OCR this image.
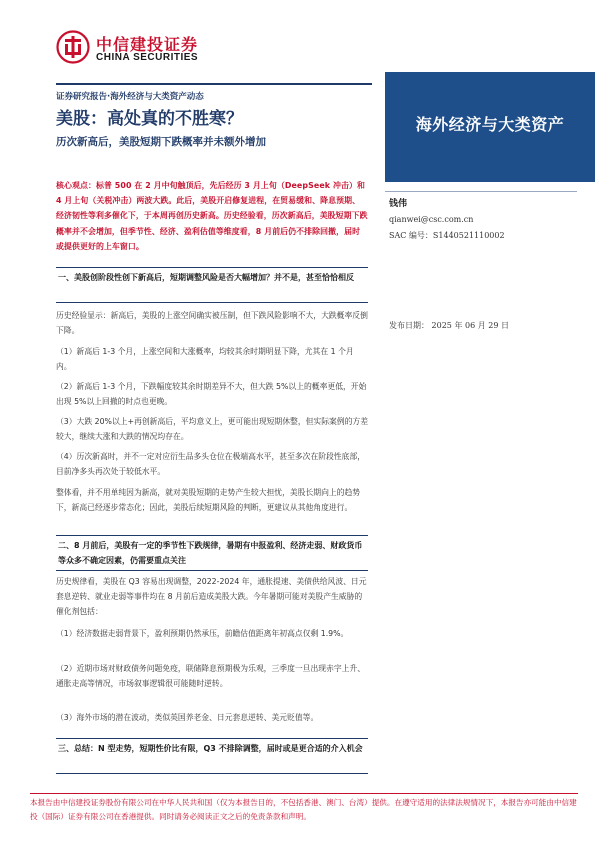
中信建投证券
CHINA SECURITIES
证券研究报告·海外经济与大类资产动态
美股：高处真的不胜寒？
历次新高后，美股短期下跌概率并未额外增加
海外经济与大类资产
钱伟
qianwei@csc.com.cn
SAC 编号：S1440521110002
发布日期： 2025 年 06 月 29 日
核心观点：标普 500 在 2 月中旬触顶后，先后经历 3 月上旬（DeepSeek 冲击）和 4 月上旬（关税冲击）两波大跌。此后，美股开启修复进程，在贸易缓和、降息预期、经济韧性等利多催化下，于本周再创历史新高。历史经验看，历次新高后，美股短期下跌概率并不会增加，但季节性、经济、盈利估值等维度看，8 月前后仍不排除回撤，届时或提供更好的上车窗口。
一、美股创阶段性创下新高后，短期调整风险是否大幅增加？并不是，甚至恰恰相反
历史经验显示：新高后，美股的上涨空间确实被压制，但下跌风险影响不大，大跌概率反倒下降。
（1）新高后 1-3 个月，上涨空间和大涨概率，均较其余时期明显下降，尤其在 1 个月内。
（2）新高后 1-3 个月，下跌幅度较其余时期差异不大，但大跌 5%以上的概率更低，开始出现 5%以上回撤的时点也更晚。
（3）大跌 20%以上+再创新高后，平均意义上，更可能出现短期休整，但实际案例的方差较大，继续大涨和大跌的情况均存在。
（4）历次新高时，并不一定对应衍生品多头仓位在极端高水平，甚至多次在阶段性底部，目前净多头再次处于较低水平。
整体看，并不用单纯因为新高，就对美股短期的走势产生较大担忧，美股长期向上的趋势下，新高已经逐步常态化；因此，美股后续短期风险的判断，更建议从其他角度进行。
二、8 月前后，美股有一定的季节性下跌规律，暑期有中报盈利、经济走弱、财政货币等众多不确定因素，仍需要重点关注
历史规律看，美股在 Q3 容易出现调整，2022-2024 年，通胀提速、美债供给风波、日元套息逆转、就业走弱等事件均在 8 月前后造成美股大跌。今年暑期可能对美股产生威胁的催化剂包括：
（1）经济数据走弱背景下，盈利预期仍然承压，前瞻估值距离年初高点仅剩 1.9%。
（2）近期市场对财政债务问题免疫，联储降息预期极为乐观，三季度一旦出现赤字上升、通胀走高等情况，市场叙事逻辑很可能随时逆转。
（3）海外市场的潜在波动，类似英国养老金、日元套息逆转、美元贬值等。
三、总结：N 型走势，短期性价比有限，Q3 不排除调整，届时或是更合适的介入机会
本报告由中信建投证券股份有限公司在中华人民共和国（仅为本报告目的，不包括香港、澳门、台湾）提供。在遵守适用的法律法规情况下，本报告亦可能由中信建投（国际）证券有限公司在香港提供。同时请务必阅读正文之后的免责条款和声明。
